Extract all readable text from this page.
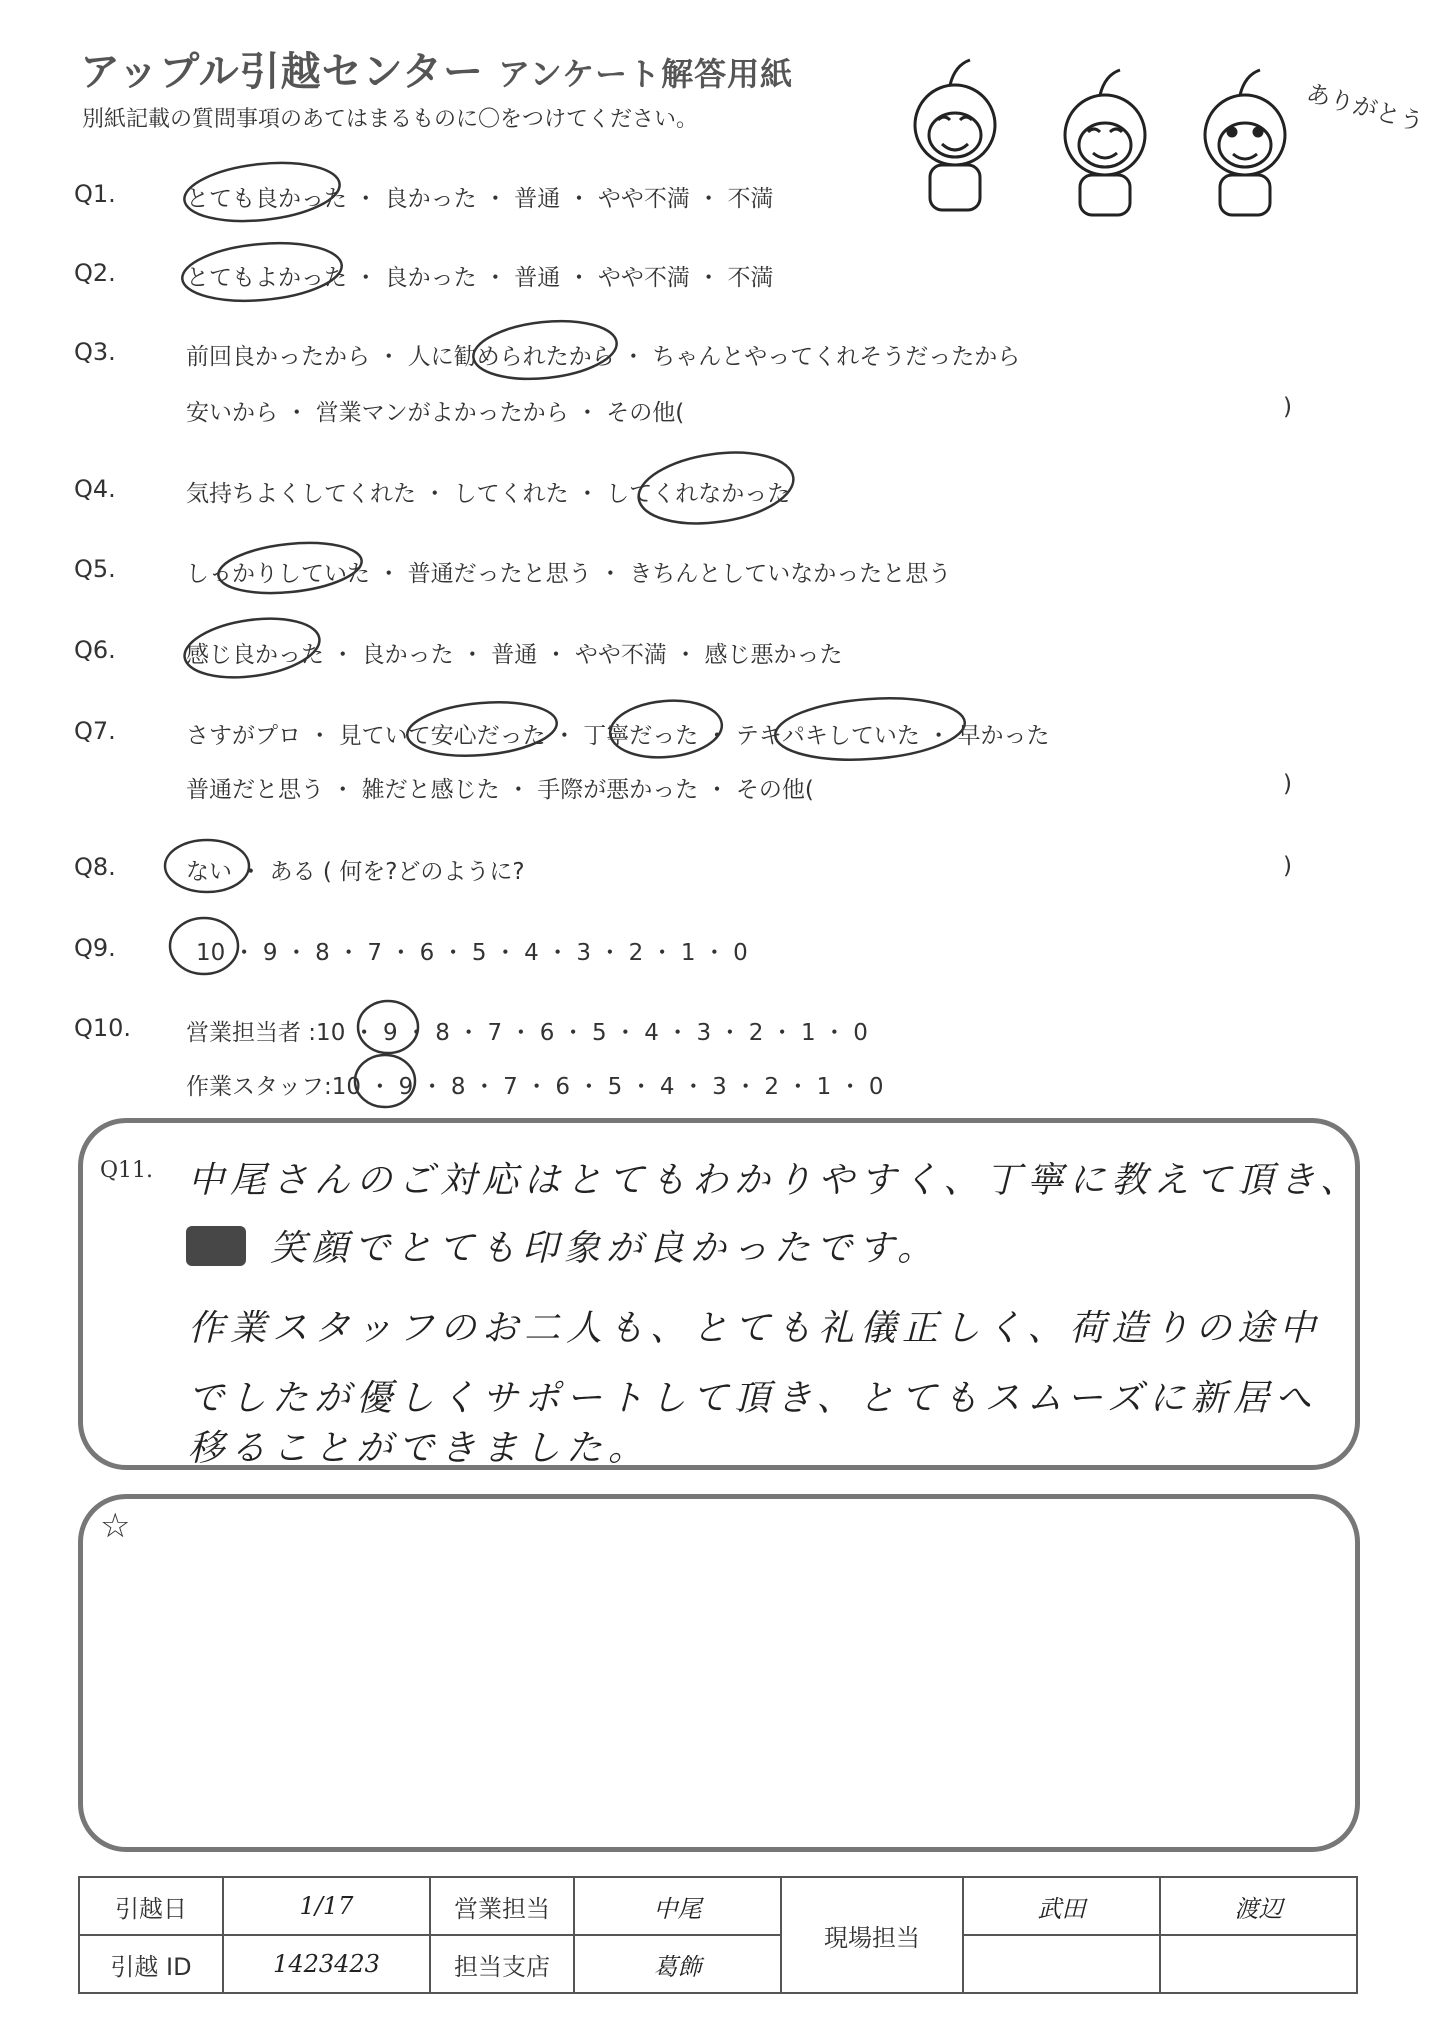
アップル引越センター アンケート解答用紙
別紙記載の質問事項のあてはまるものに〇をつけてください。	ありがとう
Q1.	とても良かった ・ 良かった ・ 普通 ・ やや不満 ・ 不満
Q2.	とてもよかった ・ 良かった ・ 普通 ・ やや不満 ・ 不満
Q3.	前回良かったから ・ 人に勧められたから ・ ちゃんとやってくれそうだったから
安いから ・ 営業マンがよかったから ・ その他(	)
Q4.	気持ちよくしてくれた ・ してくれた ・ してくれなかった
Q5.	しっかりしていた ・ 普通だったと思う ・ きちんとしていなかったと思う
Q6.	感じ良かった ・ 良かった ・ 普通 ・ やや不満 ・ 感じ悪かった
Q7.	さすがプロ ・ 見ていて安心だった ・ 丁寧だった ・ テキパキしていた ・ 早かった
普通だと思う ・ 雑だと感じた ・ 手際が悪かった ・ その他(	)
Q8.	ない ・ ある ( 何を?どのように?	)
Q9.	10 ・ 9 ・ 8 ・ 7 ・ 6 ・ 5 ・ 4 ・ 3 ・ 2 ・ 1 ・ 0
Q10. 営業担当者 :10 ・ 9 ・ 8 ・ 7 ・ 6 ・ 5 ・ 4 ・ 3 ・ 2 ・ 1 ・ 0
作業スタッフ:10 ・ 9 ・ 8 ・ 7 ・ 6 ・ 5 ・ 4 ・ 3 ・ 2 ・ 1 ・ 0
Q11. 中尾さんのご対応はとてもわかりやすく、丁寧に教えて頂き、
笑顔でとても印象が良かったです。
作業スタッフのお二人も、とても礼儀正しく、荷造りの途中
でしたが優しくサポートして頂き、とてもスムーズに新居へ
移ることができました。
☆
引越日	1/17	営業担当	中尾	現場担当	武田	渡辺
引越 ID	1423423	担当支店	葛飾			
